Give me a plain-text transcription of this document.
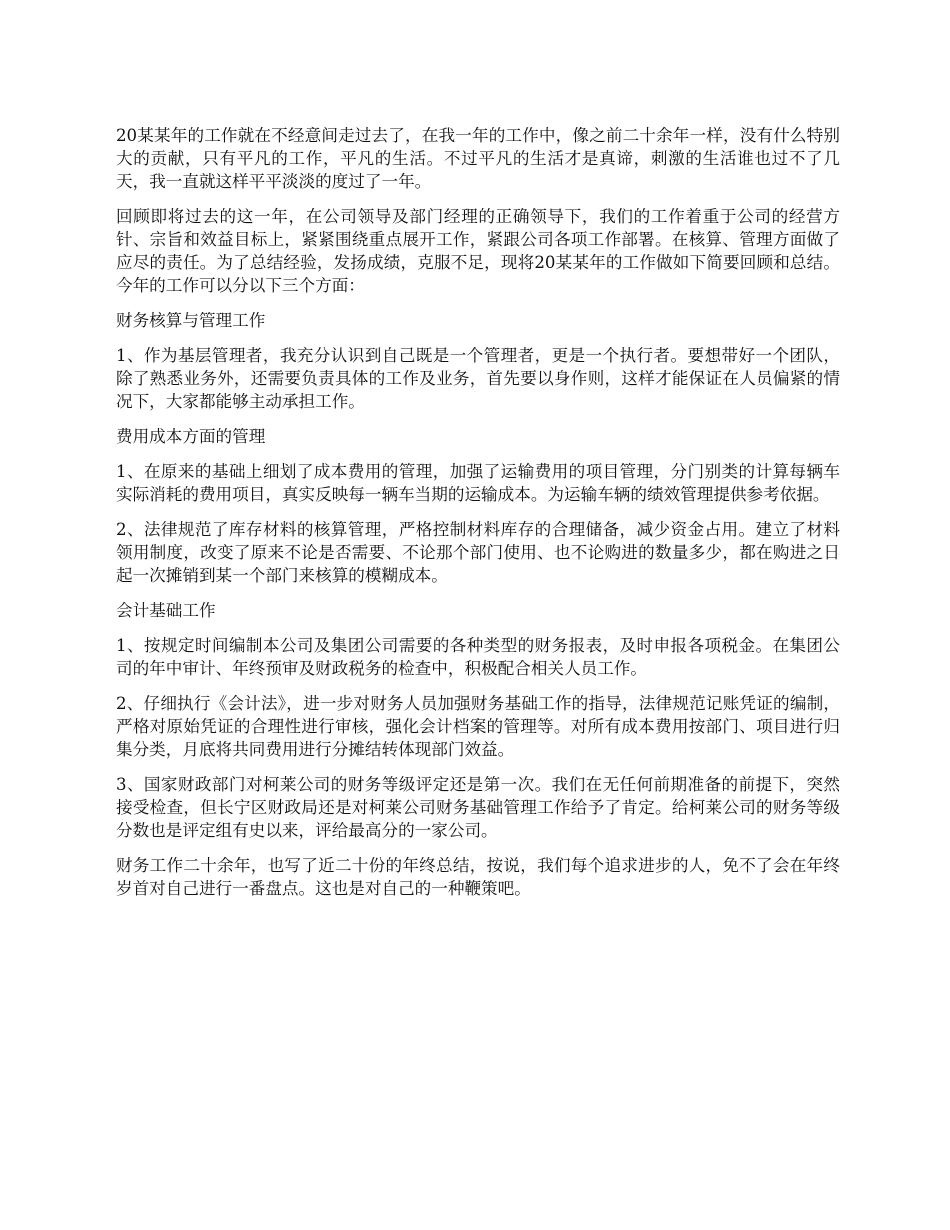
20某某年的工作就在不经意间走过去了，在我一年的工作中，像之前二十余年一样，没有什么特别大的贡献，只有平凡的工作，平凡的生活。不过平凡的生活才是真谛，刺激的生活谁也过不了几天，我一直就这样平平淡淡的度过了一年。

回顾即将过去的这一年，在公司领导及部门经理的正确领导下，我们的工作着重于公司的经营方针、宗旨和效益目标上，紧紧围绕重点展开工作，紧跟公司各项工作部署。在核算、管理方面做了应尽的责任。为了总结经验，发扬成绩，克服不足，现将20某某年的工作做如下简要回顾和总结。今年的工作可以分以下三个方面：

财务核算与管理工作

1、作为基层管理者，我充分认识到自己既是一个管理者，更是一个执行者。要想带好一个团队，除了熟悉业务外，还需要负责具体的工作及业务，首先要以身作则，这样才能保证在人员偏紧的情况下，大家都能够主动承担工作。

费用成本方面的管理

1、在原来的基础上细划了成本费用的管理，加强了运输费用的项目管理，分门别类的计算每辆车实际消耗的费用项目，真实反映每一辆车当期的运输成本。为运输车辆的绩效管理提供参考依据。

2、法律规范了库存材料的核算管理，严格控制材料库存的合理储备，减少资金占用。建立了材料领用制度，改变了原来不论是否需要、不论那个部门使用、也不论购进的数量多少，都在购进之日起一次摊销到某一个部门来核算的模糊成本。

会计基础工作

1、按规定时间编制本公司及集团公司需要的各种类型的财务报表，及时申报各项税金。在集团公司的年中审计、年终预审及财政税务的检查中，积极配合相关人员工作。

2、仔细执行《会计法》，进一步对财务人员加强财务基础工作的指导，法律规范记账凭证的编制，严格对原始凭证的合理性进行审核，强化会计档案的管理等。对所有成本费用按部门、项目进行归集分类，月底将共同费用进行分摊结转体现部门效益。

3、国家财政部门对柯莱公司的财务等级评定还是第一次。我们在无任何前期准备的前提下，突然接受检查，但长宁区财政局还是对柯莱公司财务基础管理工作给予了肯定。给柯莱公司的财务等级分数也是评定组有史以来，评给最高分的一家公司。

财务工作二十余年，也写了近二十份的年终总结，按说，我们每个追求进步的人，免不了会在年终岁首对自己进行一番盘点。这也是对自己的一种鞭策吧。
